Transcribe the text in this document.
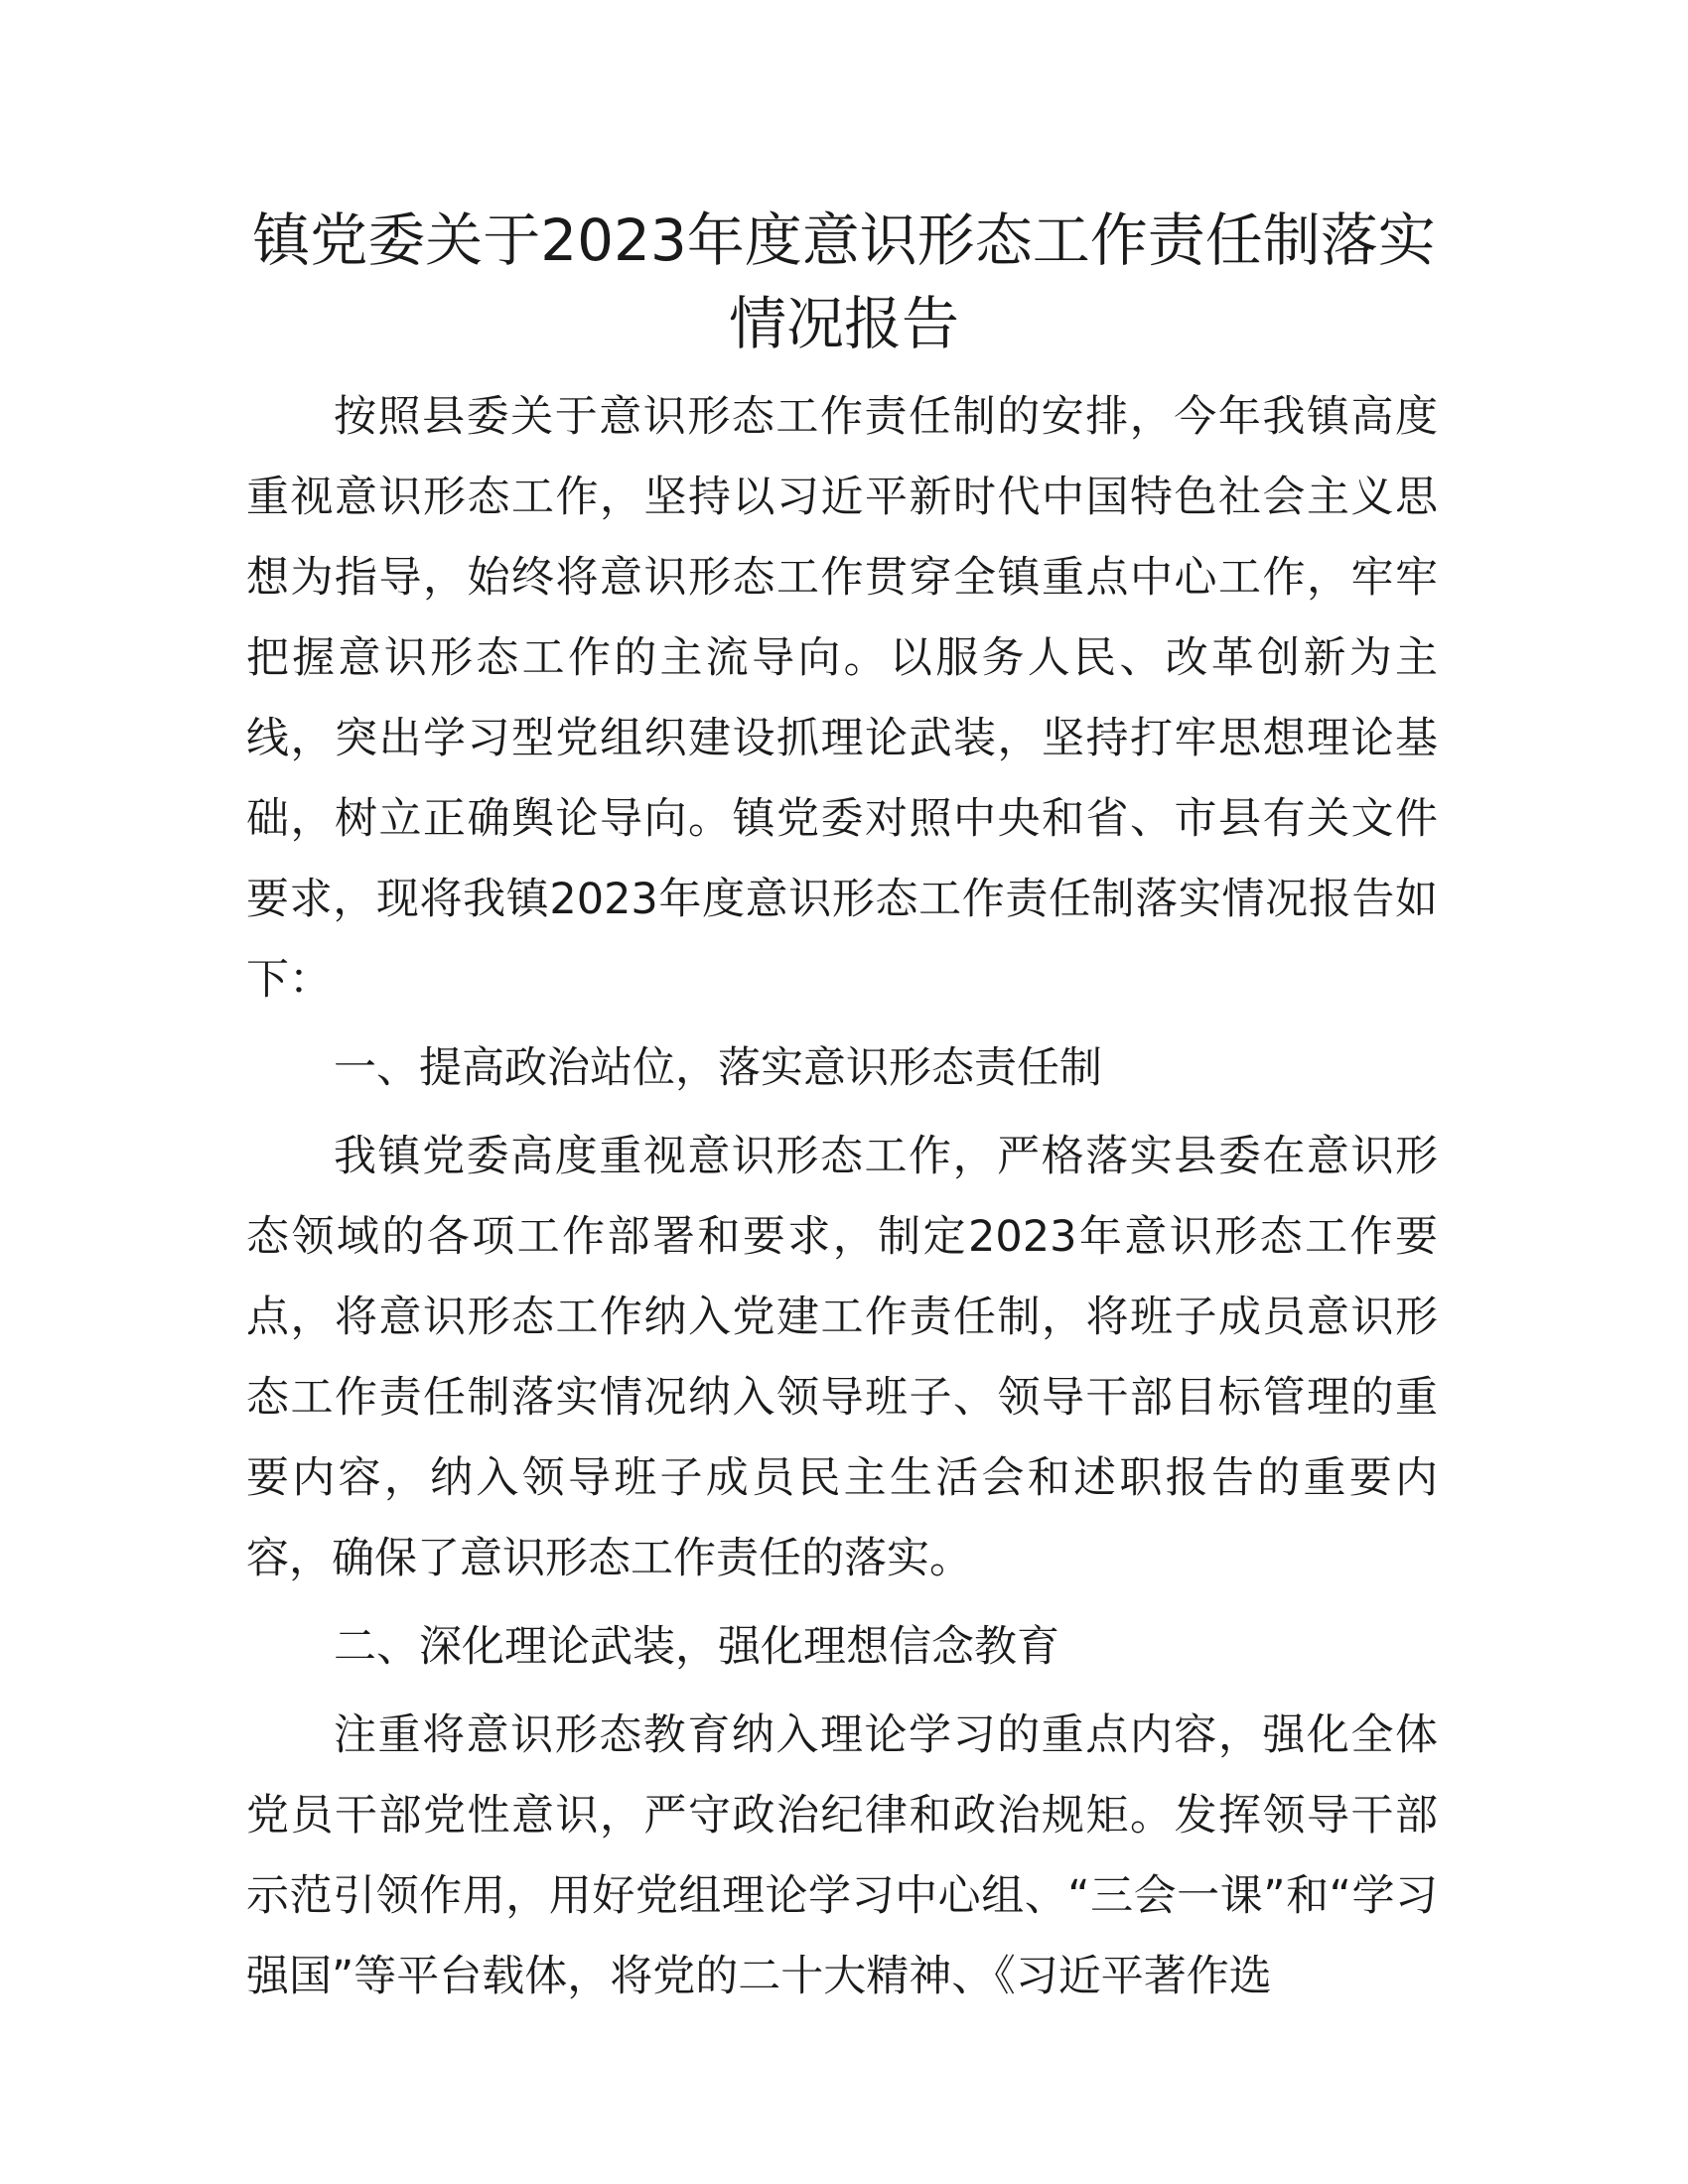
镇党委关于2023年度意识形态工作责任制落实
情况报告

按照县委关于意识形态工作责任制的安排，今年我镇高度重视意识形态工作，坚持以习近平新时代中国特色社会主义思想为指导，始终将意识形态工作贯穿全镇重点中心工作，牢牢把握意识形态工作的主流导向。以服务人民、改革创新为主线，突出学习型党组织建设抓理论武装，坚持打牢思想理论基础，树立正确舆论导向。镇党委对照中央和省、市县有关文件要求，现将我镇2023年度意识形态工作责任制落实情况报告如下：

一、提高政治站位，落实意识形态责任制

我镇党委高度重视意识形态工作，严格落实县委在意识形态领域的各项工作部署和要求，制定2023年意识形态工作要点，将意识形态工作纳入党建工作责任制，将班子成员意识形态工作责任制落实情况纳入领导班子、领导干部目标管理的重要内容，纳入领导班子成员民主生活会和述职报告的重要内容，确保了意识形态工作责任的落实。

二、深化理论武装，强化理想信念教育

注重将意识形态教育纳入理论学习的重点内容，强化全体党员干部党性意识，严守政治纪律和政治规矩。发挥领导干部示范引领作用，用好党组理论学习中心组、“三会一课”和“学习强国”等平台载体，将党的二十大精神、《习近平著作选
